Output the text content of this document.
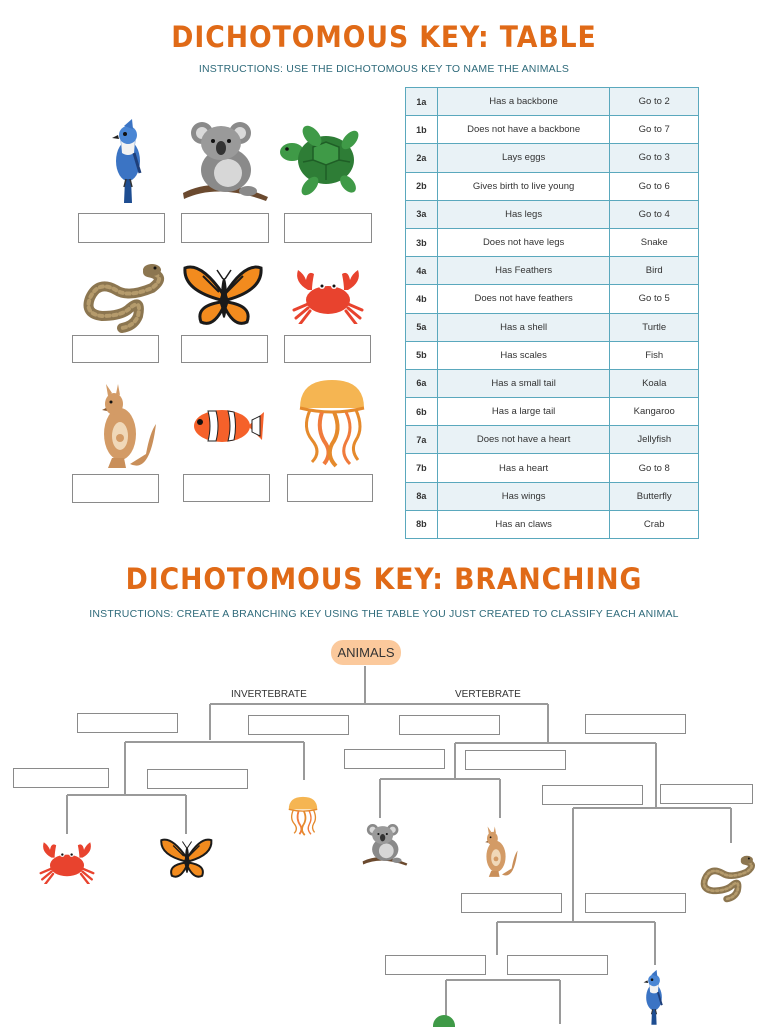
DICHOTOMOUS KEY: TABLE
INSTRUCTIONS: USE THE DICHOTOMOUS KEY TO NAME THE ANIMALS
1a	Has a backbone	Go to 2
1b	Does not have a backbone	Go to 7
2a	Lays eggs	Go to 3
2b	Gives birth to live young	Go to 6
3a	Has legs	Go to 4
3b	Does not have legs	Snake
4a	Has Feathers	Bird
4b	Does not have feathers	Go to 5
5a	Has a shell	Turtle
5b	Has scales	Fish
6a	Has a small tail	Koala
6b	Has a large tail	Kangaroo
7a	Does not have a heart	Jellyfish
7b	Has a heart	Go to 8
8a	Has wings	Butterfly
8b	Has an claws	Crab
DICHOTOMOUS KEY: BRANCHING
INSTRUCTIONS: CREATE A BRANCHING KEY USING THE TABLE YOU JUST CREATED TO CLASSIFY EACH ANIMAL
ANIMALS
INVERTEBRATE	VERTEBRATE
